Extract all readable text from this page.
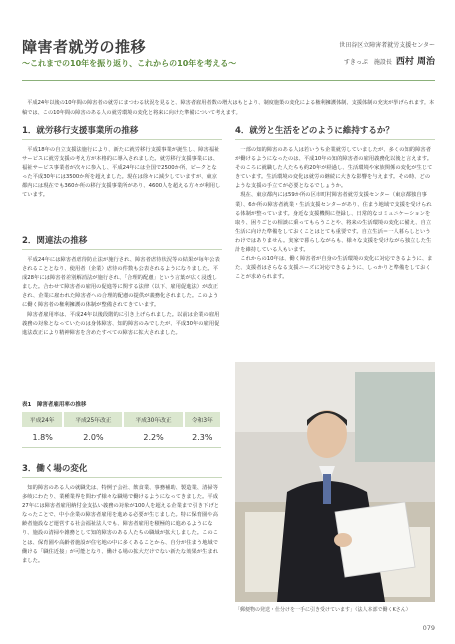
障害者就労の推移
〜これまでの10年を振り返り、これからの10年を考える〜
世田谷区立障害者就労支援センター
すきっぷ　施設長 西村 周治

平成24年以後の10年間の障害者の就労にまつわる状況を見ると、障害者雇用者数の増大はもとより、制度施策の変化による権利擁護体制、支援体制の充実が挙げられます。本稿では、この10年間の障害のある人の就労環境の変化と将来に向けた準備について考えます。

1．就労移行支援事業所の推移

平成18年の自立支援法施行により、新たに就労移行支援事業が誕生し、障害福祉サービスに就労支援の考え方が本格的に導入されました。就労移行支援事業には、福祉サービス事業者が次々に参入し、平成24年には全国で2500か所、ピークとなった平成30年には3500か所を超えました。現在は徐々に減少していますが、東京都内には現在でも360か所の移行支援事業所があり、4600人を超える方々が利用しています。

2．関連法の推移

平成24年には障害者虐待防止法が施行され、障害者虐待状況等の結果が毎年公表されることとなり、使用者（企業）虐待の件数も公表されるようになりました。平成28年には障害者差別解消法が施行され、「合理的配慮」という言葉が広く浸透しました。合わせて障害者の雇用の促進等に関する法律（以下、雇用促進法）が改正され、企業に雇われた障害者への合理的配慮の提供が義務化されました。このように働く障害者の権利擁護の体制が整備されてきています。

障害者雇用率は、平成24年以後段階的に引き上げられました。以前は企業の雇用義務の対象となっていたのは身体障害、知的障害のみでしたが、平成30年の雇用促進法改正により精神障害を含めたすべての障害に拡大されました。

表1　障害者雇用率の推移
平成24年	平成25年改正	平成30年改正	令和3年
1.8%	2.0%	2.2%	2.3%
3．働く場の変化

知的障害のある人の就職先は、特例子会社、飲食業、事務補助、製造業、清掃等多岐にわたり、業種業界を問わず様々な職場で働けるようになってきました。平成27年には障害者雇用納付金支払い義務の対象が100人を超える企業まで引き下げとなったことで、中小企業の障害者雇用を進める必要が生じました。特に保育園や高齢者施設など運営する社会福祉法人でも、障害者雇用を積極的に進めるようになり、施設の清掃や雑務として知的障害のある人たちの職域が拡大しました。このことは、保育園や高齢者施設が住宅地の中に多くあることから、自分が住まう地域で働ける「職住近接」が可能となり、働ける場の拡大だけでない新たな効果が生まれました。

4．就労と生活をどのように維持するか？

一部の知的障害のある人は若いうち企業就労していましたが、多くの知的障害者が働けるようになったのは、平成10年の知的障害者の雇用義務化以後と言えます。そのころに就職した人たちも約20年が経過し、生活環境や家族関係の変化が生じてきています。生活環境の変化は就労の継続に大きな影響を与えます。その時、どのような支援の手立てが必要となるでしょうか。

現在、東京都内には59か所の区市町村障害者就労支援センター（東京都独自事業）、6か所の障害者就業・生活支援センターがあり、住まう地域で支援を受けられる体制が整っています。身近な支援機関に登録し、日常的なコミュニケーションを取り、困りごとの相談に乗ってもらうことや、将来の生活環境の変化に備え、自立生活に向けた準備をしておくことはとても重要です。自立生活＝一人暮らしというわけではありません。実家で暮らしながらも、様々な支援を受けながら独立した生計を維持している人もいます。

これからの10年は、働く障害者が自身の生活環境の変化に対応できるように、また、支援者はさらなる支援ニーズに対応できるように、しっかりと準備をしておくことが求められます。

「郵便物の発送・仕分けを一手に引き受けています」（法人本部で働くKさん）
079
